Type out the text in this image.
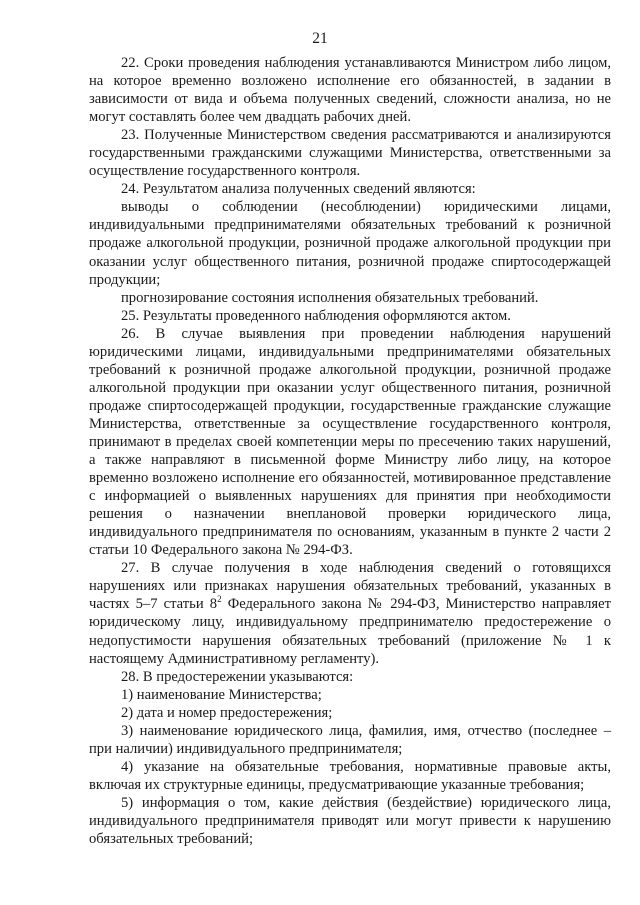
21

22. Сроки проведения наблюдения устанавливаются Министром либо лицом, на которое временно возложено исполнение его обязанностей, в задании в зависимости от вида и объема полученных сведений, сложности анализа, но не могут составлять более чем двадцать рабочих дней.

23. Полученные Министерством сведения рассматриваются и анализируются государственными гражданскими служащими Министерства, ответственными за осуществление государственного контроля.

24. Результатом анализа полученных сведений являются:

выводы о соблюдении (несоблюдении) юридическими лицами, индивидуальными предпринимателями обязательных требований к розничной продаже алкогольной продукции, розничной продаже алкогольной продукции при оказании услуг общественного питания, розничной продаже спиртосодержащей продукции;

прогнозирование состояния исполнения обязательных требований.

25. Результаты проведенного наблюдения оформляются актом.

26. В случае выявления при проведении наблюдения нарушений юридическими лицами, индивидуальными предпринимателями обязательных требований к розничной продаже алкогольной продукции, розничной продаже алкогольной продукции при оказании услуг общественного питания, розничной продаже спиртосодержащей продукции, государственные гражданские служащие Министерства, ответственные за осуществление государственного контроля, принимают в пределах своей компетенции меры по пресечению таких нарушений, а также направляют в письменной форме Министру либо лицу, на которое временно возложено исполнение его обязанностей, мотивированное представление с информацией о выявленных нарушениях для принятия при необходимости решения о назначении внеплановой проверки юридического лица, индивидуального предпринимателя по основаниям, указанным в пункте 2 части 2 статьи 10 Федерального закона № 294-ФЗ.

27. В случае получения в ходе наблюдения сведений о готовящихся нарушениях или признаках нарушения обязательных требований, указанных в частях 5–7 статьи $8^2$ Федерального закона № 294-ФЗ, Министерство направляет юридическому лицу, индивидуальному предпринимателю предостережение о недопустимости нарушения обязательных требований (приложение № 1 к настоящему Административному регламенту).

28. В предостережении указываются:

1) наименование Министерства;

2) дата и номер предостережения;

3) наименование юридического лица, фамилия, имя, отчество (последнее – при наличии) индивидуального предпринимателя;

4) указание на обязательные требования, нормативные правовые акты, включая их структурные единицы, предусматривающие указанные требования;

5) информация о том, какие действия (бездействие) юридического лица, индивидуального предпринимателя приводят или могут привести к нарушению обязательных требований;
